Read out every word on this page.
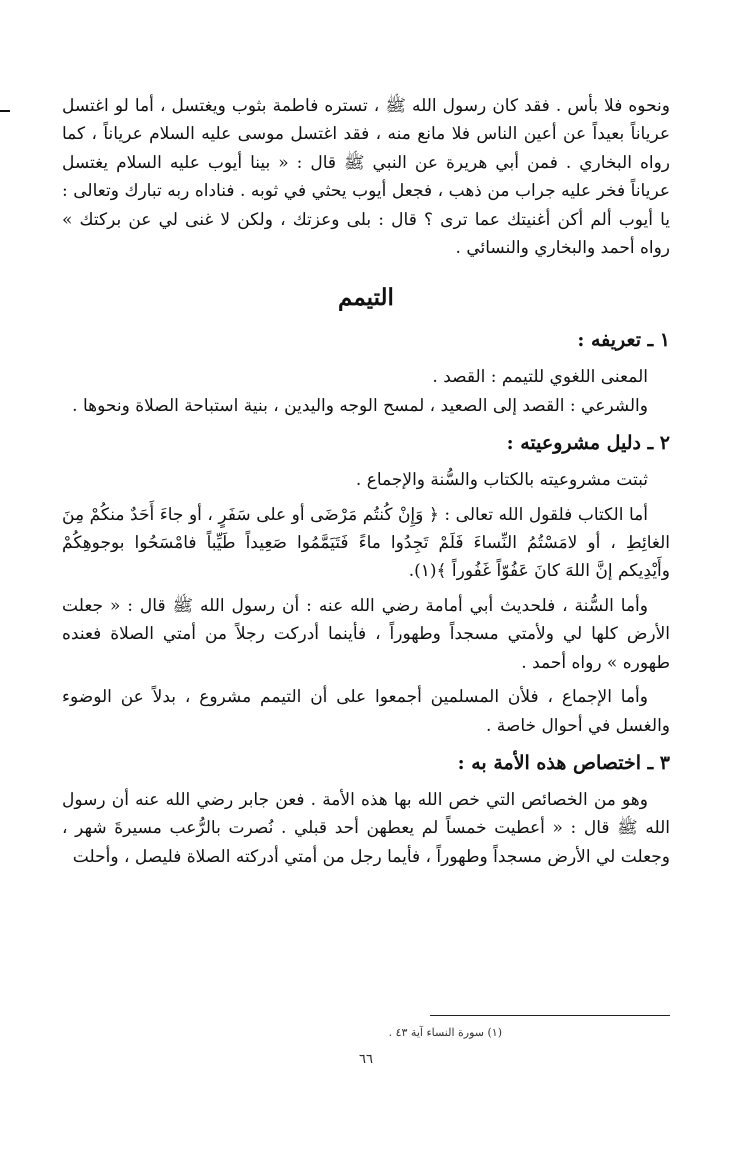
ونحوه فلا بأس . فقد كان رسول الله ﷺ ، تستره فاطمة بثوب ويغتسل ، أما لو اغتسل عرياناً بعيداً عن أعين الناس فلا مانع منه ، فقد اغتسل موسى عليه السلام عرياناً ، كما رواه البخاري . فمن أبي هريرة عن النبي ﷺ قال : « بينا أيوب عليه السلام يغتسل عرياناً فخر عليه جراب من ذهب ، فجعل أيوب يحثي في ثوبه . فناداه ربه تبارك وتعالى : يا أيوب ألم أكن أغنيتك عما ترى ؟ قال : بلى وعزتك ، ولكن لا غنى لي عن بركتك » رواه أحمد والبخاري والنسائي .

التيمم
١ ـ تعريفه :

المعنى اللغوي للتيمم : القصد .

والشرعي : القصد إلى الصعيد ، لمسح الوجه واليدين ، بنية استباحة الصلاة ونحوها .

٢ ـ دليل مشروعيته :

ثبتت مشروعيته بالكتاب والسُّنة والإجماع .

أما الكتاب فلقول الله تعالى : ﴿ وَإِنْ كُنتُم مَرْضَى أو على سَفَرٍ ، أو جاءَ أَحَدٌ منكُمْ مِنَ الغائِطِ ، أو لامَسْتُمُ النِّساءَ فَلَمْ تَجِدُوا ماءً فَتَيَمَّمُوا صَعِيداً طَيِّباً فامْسَحُوا بوجوهِكُمْ وأَيْدِيكم إنَّ اللهَ كانَ عَفُوّاً غَفُوراً ﴾(١).

وأما السُّنة ، فلحديث أبي أمامة رضي الله عنه : أن رسول الله ﷺ قال : « جعلت الأرض كلها لي ولأمتي مسجداً وطهوراً ، فأينما أدركت رجلاً من أمتي الصلاة فعنده طهوره » رواه أحمد .

وأما الإجماع ، فلأن المسلمين أجمعوا على أن التيمم مشروع ، بدلاً عن الوضوء والغسل في أحوال خاصة .

٣ ـ اختصاص هذه الأمة به :

وهو من الخصائص التي خص الله بها هذه الأمة . فعن جابر رضي الله عنه أن رسول الله ﷺ قال : « أعطيت خمساً لم يعطهن أحد قبلي . نُصرت بالرُّعب مسيرةَ شهر ، وجعلت لي الأرض مسجداً وطهوراً ، فأيما رجل من أمتي أدركته الصلاة فليصل ، وأحلت

(١) سورة النساء آية ٤٣ .
٦٦
